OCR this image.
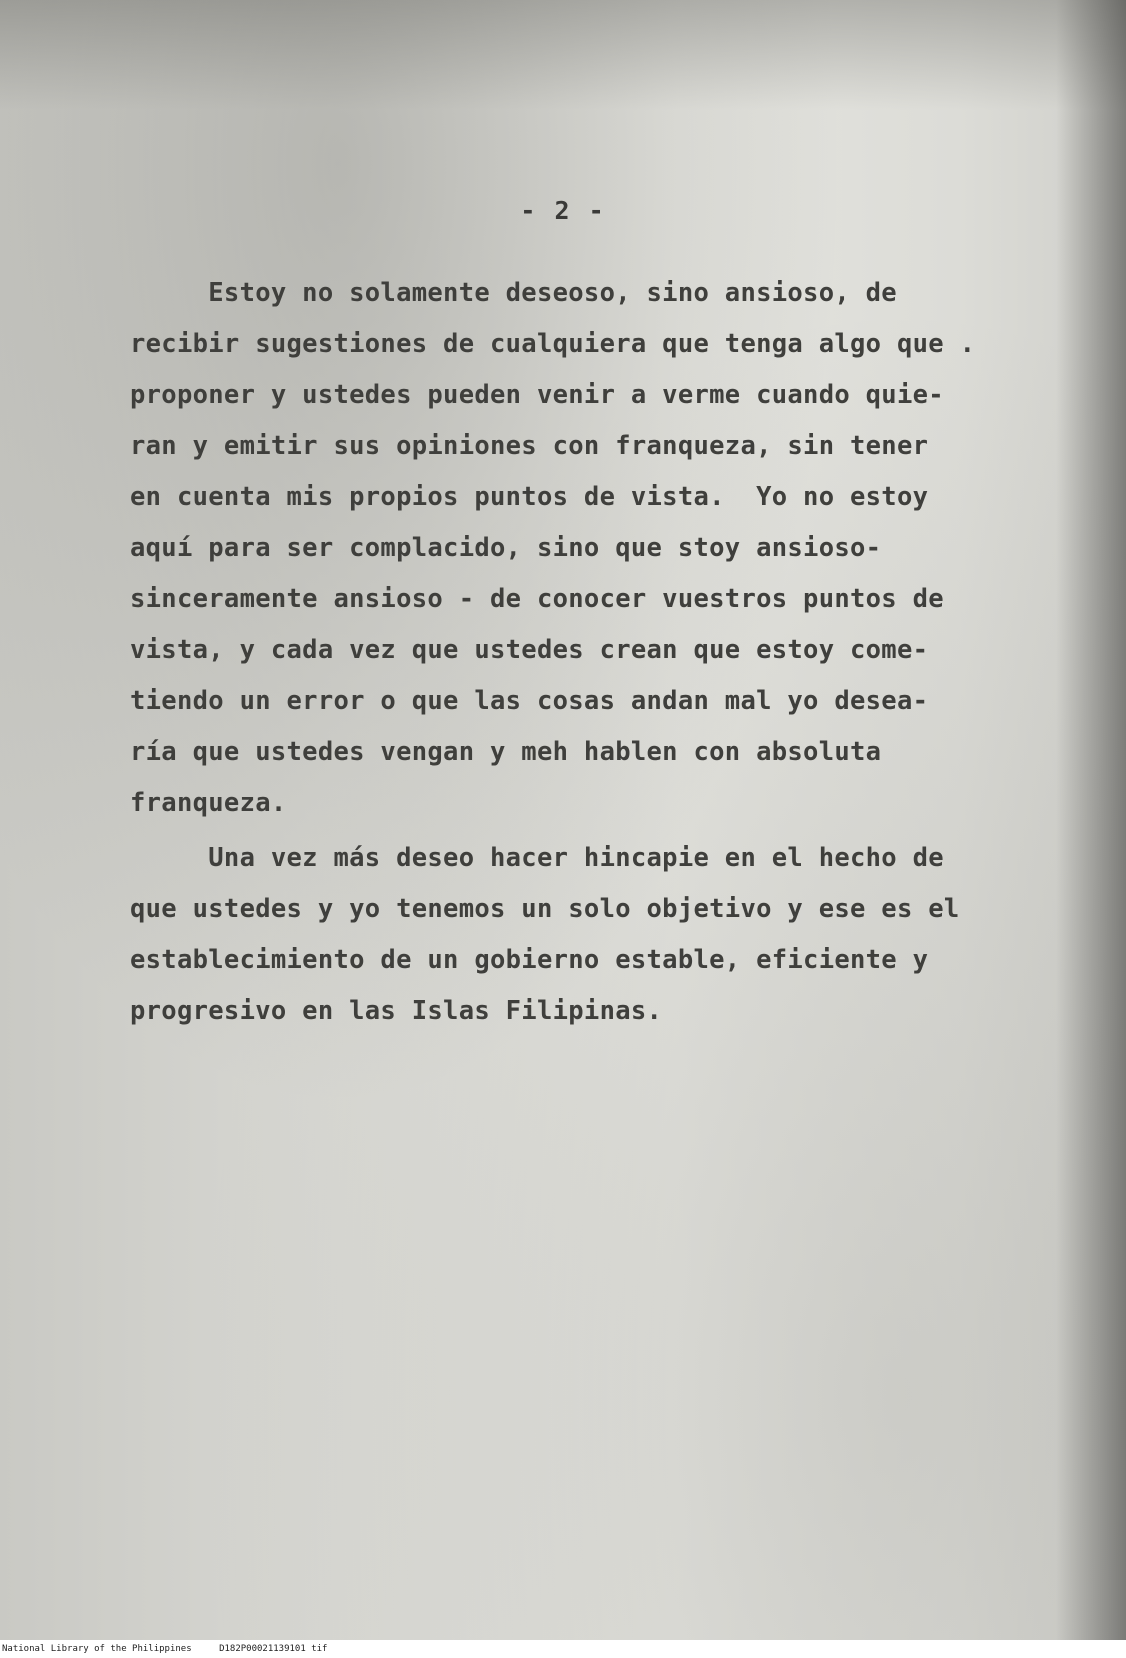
- 2 -
Estoy no solamente deseoso, sino ansioso, de
recibir sugestiones de cualquiera que tenga algo que .
proponer y ustedes pueden venir a verme cuando quie-
ran y emitir sus opiniones con franqueza, sin tener
en cuenta mis propios puntos de vista.  Yo no estoy
aquí para ser complacido, sino que stoy ansioso-
sinceramente ansioso - de conocer vuestros puntos de
vista, y cada vez que ustedes crean que estoy come-
tiendo un error o que las cosas andan mal yo desea-
ría que ustedes vengan y meh hablen con absoluta
franqueza.
Una vez más deseo hacer hincapie en el hecho de
que ustedes y yo tenemos un solo objetivo y ese es el
establecimiento de un gobierno estable, eficiente y
progresivo en las Islas Filipinas.
National Library of the Philippines	D182P00021139101 tif
